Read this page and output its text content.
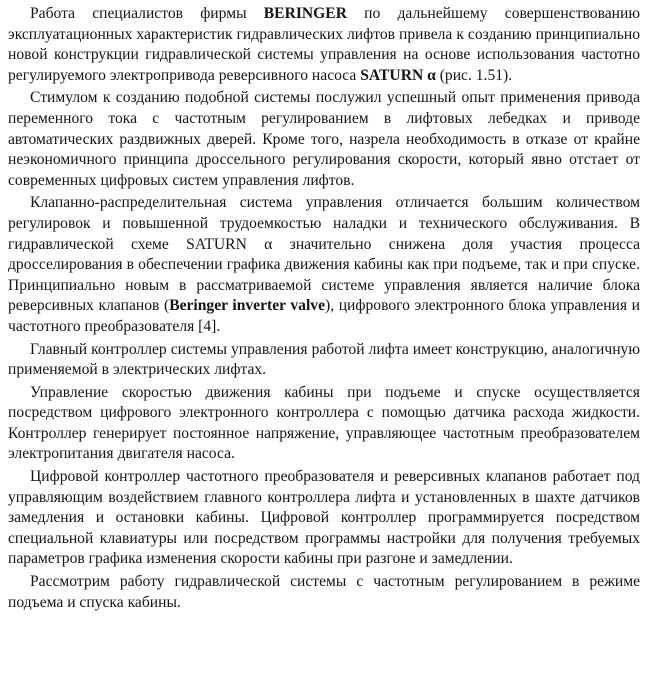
Работа специалистов фирмы BERINGER по дальнейшему совершенствованию эксплуатационных характеристик гидравлических лифтов привела к созданию принципиально новой конструкции гидравлической системы управления на основе использования частотно регулируемого электропривода реверсивного насоса SATURN α (рис. 1.51).

Стимулом к созданию подобной системы послужил успешный опыт применения привода переменного тока с частотным регулированием в лифтовых лебедках и приводе автоматических раздвижных дверей. Кроме того, назрела необходимость в отказе от крайне неэкономичного принципа дроссельного регулирования скорости, который явно отстает от современных цифровых систем управления лифтов.

Клапанно-распределительная система управления отличается большим количеством регулировок и повышенной трудоемкостью наладки и технического обслуживания. В гидравлической схеме SATURN α значительно снижена доля участия процесса дросселирования в обеспечении графика движения кабины как при подъеме, так и при спуске. Принципиально новым в рассматриваемой системе управления является наличие блока реверсивных клапанов (Beringer inverter valve), цифрового электронного блока управления и частотного преобразователя [4].

Главный контроллер системы управления работой лифта имеет конструкцию, аналогичную применяемой в электрических лифтах.

Управление скоростью движения кабины при подъеме и спуске осуществляется посредством цифрового электронного контроллера с помощью датчика расхода жидкости. Контроллер генерирует постоянное напряжение, управляющее частотным преобразователем электропитания двигателя насоса.

Цифровой контроллер частотного преобразователя и реверсивных клапанов работает под управляющим воздействием главного контроллера лифта и установленных в шахте датчиков замедления и остановки кабины. Цифровой контроллер программируется посредством специальной клавиатуры или посредством программы настройки для получения требуемых параметров графика изменения скорости кабины при разгоне и замедлении.

Рассмотрим работу гидравлической системы с частотным регулированием в режиме подъема и спуска кабины.
